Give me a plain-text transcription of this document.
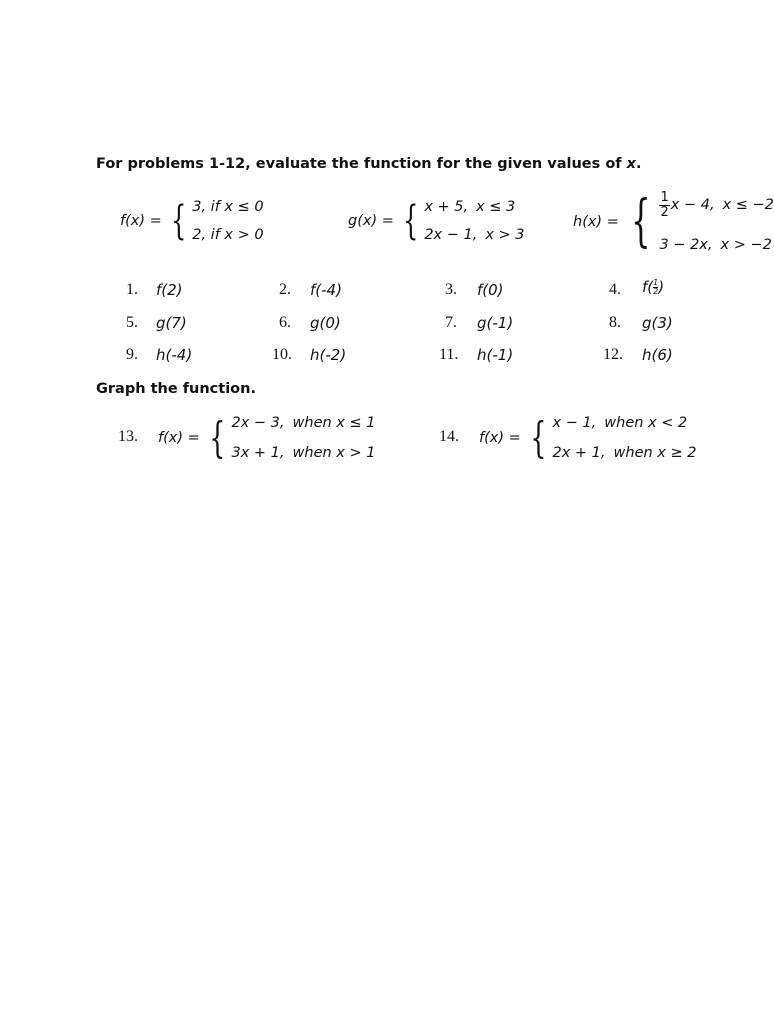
For problems 1-12, evaluate the function for the given values of x.
f(x) = { 3, if x ≤ 0
2, if x > 0
g(x) = { x + 5, x ≤ 3
2x − 1, x > 3
h(x) = { $\frac{1}{2}$ x − 4, x ≤ −2
3 − 2x, x > −2
1. f(2)	2. f(-4)	3. f(0)	4. $f( \frac{1}{2}$ )
5. g(7)	6. g(0)	7. g(-1)	8. g(3)
9. h(-4)	10. h(-2)	11. h(-1)	12. h(6)
Graph the function.
13. f(x) = { 2x − 3, when x ≤ 1
3x + 1, when x > 1
14. f(x) = { x − 1, when x < 2
2x + 1, when x ≥ 2
